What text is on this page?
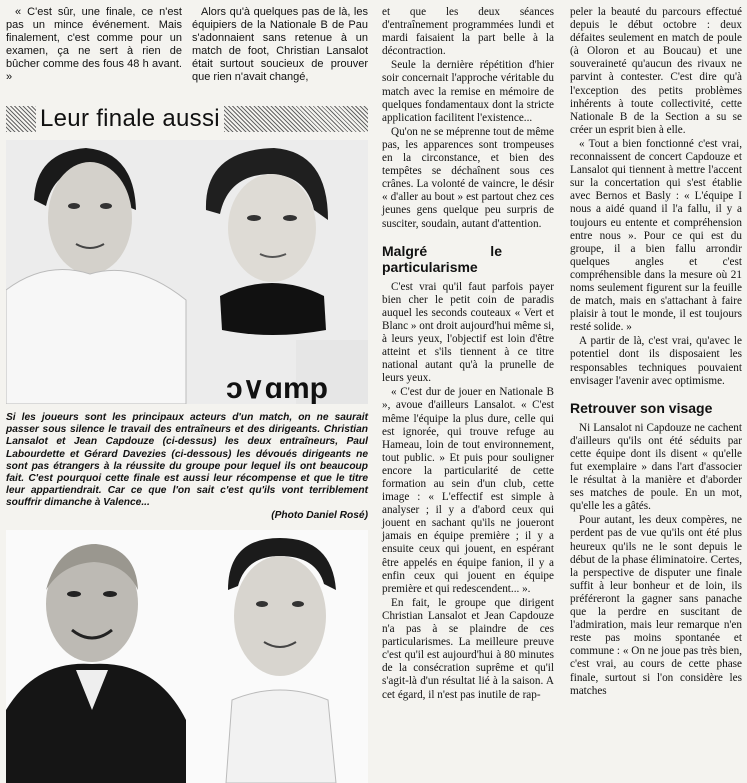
« C'est sûr, une finale, ce n'est pas un mince événement. Mais finalement, c'est comme pour un examen, ça ne sert à rien de bûcher comme des fous 48 h avant. »

Alors qu'à quelques pas de là, les équipiers de la Nationale B de Pau s'adonnaient sans retenue à un match de foot, Christian Lansalot était surtout soucieux de prouver que rien n'avait changé,

Leur finale aussi
ɔ∨ɑmp
Si les joueurs sont les principaux acteurs d'un match, on ne saurait passer sous silence le travail des entraîneurs et des dirigeants. Christian Lansalot et Jean Capdouze (ci-dessus) les deux entraîneurs, Paul Labourdette et Gérard Davezies (ci-dessous) les dévoués dirigeants ne sont pas étrangers à la réussite du groupe pour lequel ils ont beaucoup fait. C'est pourquoi cette finale est aussi leur récompense et que le titre leur appartiendrait. Car ce que l'on sait c'est qu'ils vont terriblement souffrir dimanche à Valence...
(Photo Daniel Rosé)

et que les deux séances d'entraînement programmées lundi et mardi faisaient la part belle à la décontraction.

Seule la dernière répétition d'hier soir concernait l'approche véritable du match avec la remise en mémoire de quelques fondamentaux dont la stricte application facilitent l'existence...

Qu'on ne se méprenne tout de même pas, les apparences sont trompeuses en la circonstance, et bien des tempêtes se déchaînent sous ces crânes. La volonté de vaincre, le désir « d'aller au bout » est partout chez ces jeunes gens quelque peu surpris de susciter, soudain, autant d'attention.

Malgré le particularisme

C'est vrai qu'il faut parfois payer bien cher le petit coin de paradis auquel les seconds couteaux « Vert et Blanc » ont droit aujourd'hui même si, à leurs yeux, l'objectif est loin d'être atteint et s'ils tiennent à ce titre national autant qu'à la prunelle de leurs yeux.

« C'est dur de jouer en Nationale B », avoue d'ailleurs Lansalot. « C'est même l'équipe la plus dure, celle qui est ignorée, qui trouve refuge au Hameau, loin de tout environnement, tout public. » Et puis pour souligner encore la particularité de cette formation au sein d'un club, cette image : « L'effectif est simple à analyser ; il y a d'abord ceux qui jouent en sachant qu'ils ne joueront jamais en équipe première ; il y a ensuite ceux qui jouent, en espérant être appelés en équipe fanion, il y a enfin ceux qui jouent en équipe première et qui redescendent... ».

En fait, le groupe que dirigent Christian Lansalot et Jean Capdouze n'a pas à se plaindre de ces particularismes. La meilleure preuve c'est qu'il est aujourd'hui à 80 minutes de la consécration suprême et qu'il s'agit-là d'un résultat lié à la saison. A cet égard, il n'est pas inutile de rap-

peler la beauté du parcours effectué depuis le début octobre : deux défaites seulement en match de poule (à Oloron et au Boucau) et une souveraineté qu'aucun des rivaux ne parvint à contester. C'est dire qu'à l'exception des petits problèmes inhérents à toute collectivité, cette Nationale B de la Section a su se créer un esprit bien à elle.

« Tout a bien fonctionné c'est vrai, reconnaissent de concert Capdouze et Lansalot qui tiennent à mettre l'accent sur la concertation qui s'est établie avec Bernos et Basly : « L'équipe I nous a aidé quand il l'a fallu, il y a toujours eu entente et compréhension entre nous ». Pour ce qui est du groupe, il a bien fallu arrondir quelques angles et c'est compréhensible dans la mesure où 21 noms seulement figurent sur la feuille de match, mais en s'attachant à faire plaisir à tout le monde, il est toujours resté solide. »

A partir de là, c'est vrai, qu'avec le potentiel dont ils disposaient les responsables techniques pouvaient envisager l'avenir avec optimisme.

Retrouver son visage

Ni Lansalot ni Capdouze ne cachent d'ailleurs qu'ils ont été séduits par cette équipe dont ils disent « qu'elle fut exemplaire » dans l'art d'associer le résultat à la manière et d'aborder ses matches de poule. En un mot, qu'elle les a gâtés.

Pour autant, les deux compères, ne perdent pas de vue qu'ils ont été plus heureux qu'ils ne le sont depuis le début de la phase éliminatoire. Certes, la perspective de disputer une finale suffit à leur bonheur et de loin, ils préféreront la gagner sans panache que la perdre en suscitant de l'admiration, mais leur remarque n'en reste pas moins spontanée et commune : « On ne joue pas très bien, c'est vrai, au cours de cette phase finale, surtout si l'on considère les matches
